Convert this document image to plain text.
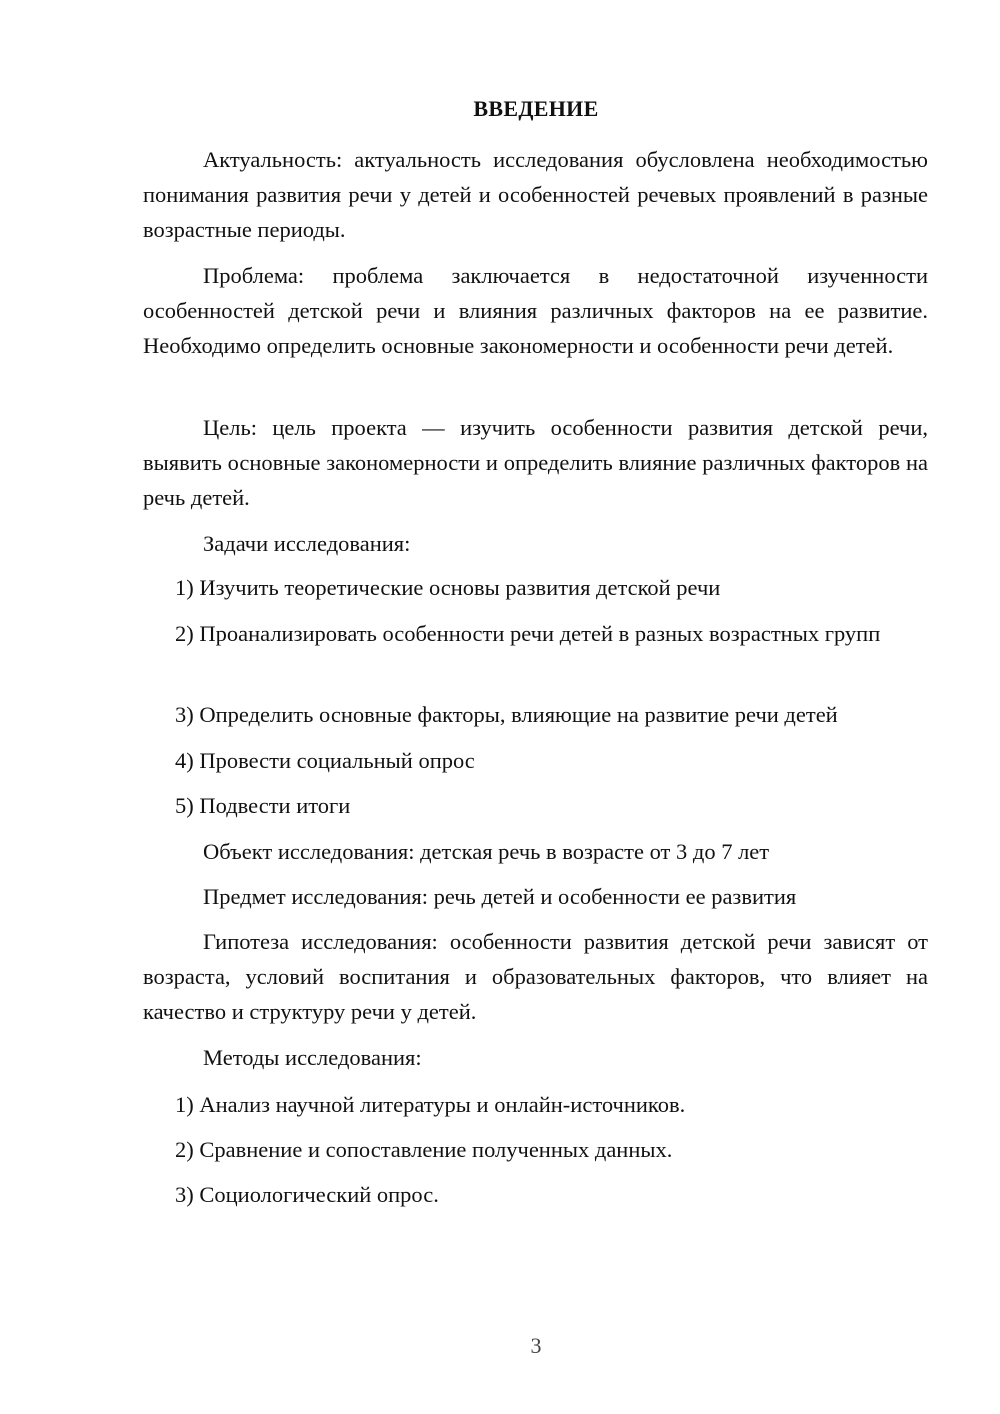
ВВЕДЕНИЕ

Актуальность: актуальность исследования обусловлена необходимостью понимания развития речи у детей и особенностей речевых проявлений в разные возрастные периоды.

Проблема: проблема заключается в недостаточной изученности особенностей детской речи и влияния различных факторов на ее развитие. Необходимо определить основные закономерности и особенности речи детей.

Цель: цель проекта — изучить особенности развития детской речи, выявить основные закономерности и определить влияние различных факторов на речь детей.

Задачи исследования:

1) Изучить теоретические основы развития детской речи

2) Проанализировать особенности речи детей в разных возрастных групп

3) Определить основные факторы, влияющие на развитие речи детей

4) Провести социальный опрос

5) Подвести итоги

Объект исследования: детская речь в возрасте от 3 до 7 лет

Предмет исследования: речь детей и особенности ее развития

Гипотеза исследования: особенности развития детской речи зависят от возраста, условий воспитания и образовательных факторов, что влияет на качество и структуру речи у детей.

Методы исследования:

1) Анализ научной литературы и онлайн-источников.

2) Сравнение и сопоставление полученных данных.

3) Социологический опрос.

3
